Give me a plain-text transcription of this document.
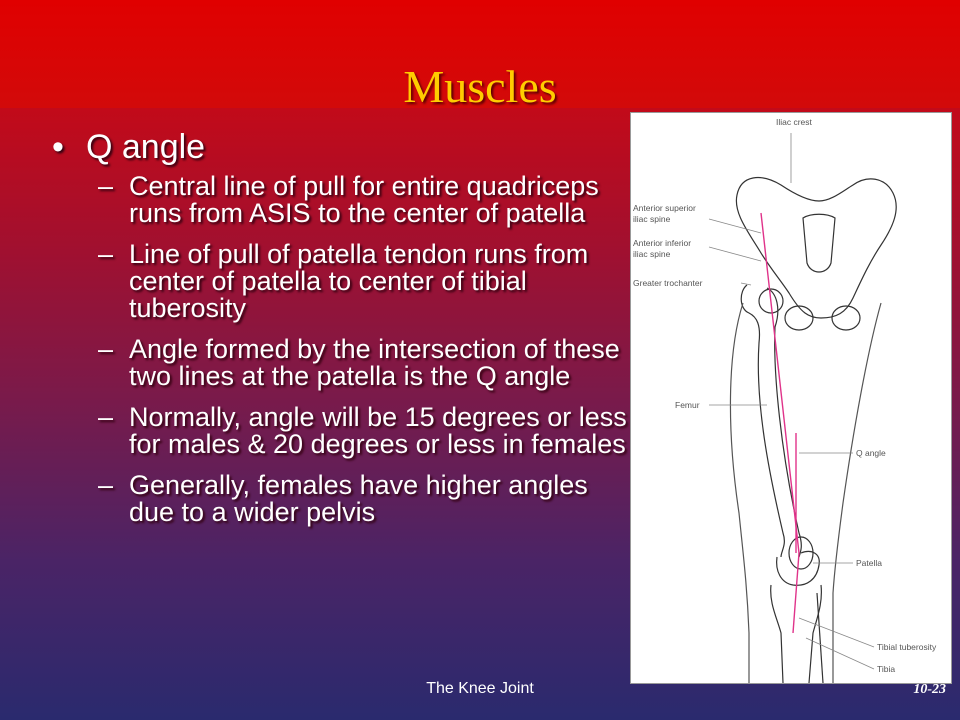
Muscles
• Q angle
– Central line of pull for entire quadriceps runs from ASIS to the center of patella
– Line of pull of patella tendon runs from center of patella to center of tibial tuberosity
– Angle formed by the intersection of these two lines at the patella is the Q angle
– Normally, angle will be 15 degrees or less for males & 20 degrees or less in females
– Generally, females have higher angles due to a wider pelvis
Iliac crest
Anterior superior
iliac spine
Anterior inferior
iliac spine
Greater trochanter
Femur
Q angle
Patella
Tibial tuberosity
Tibia
The Knee Joint	10-23
